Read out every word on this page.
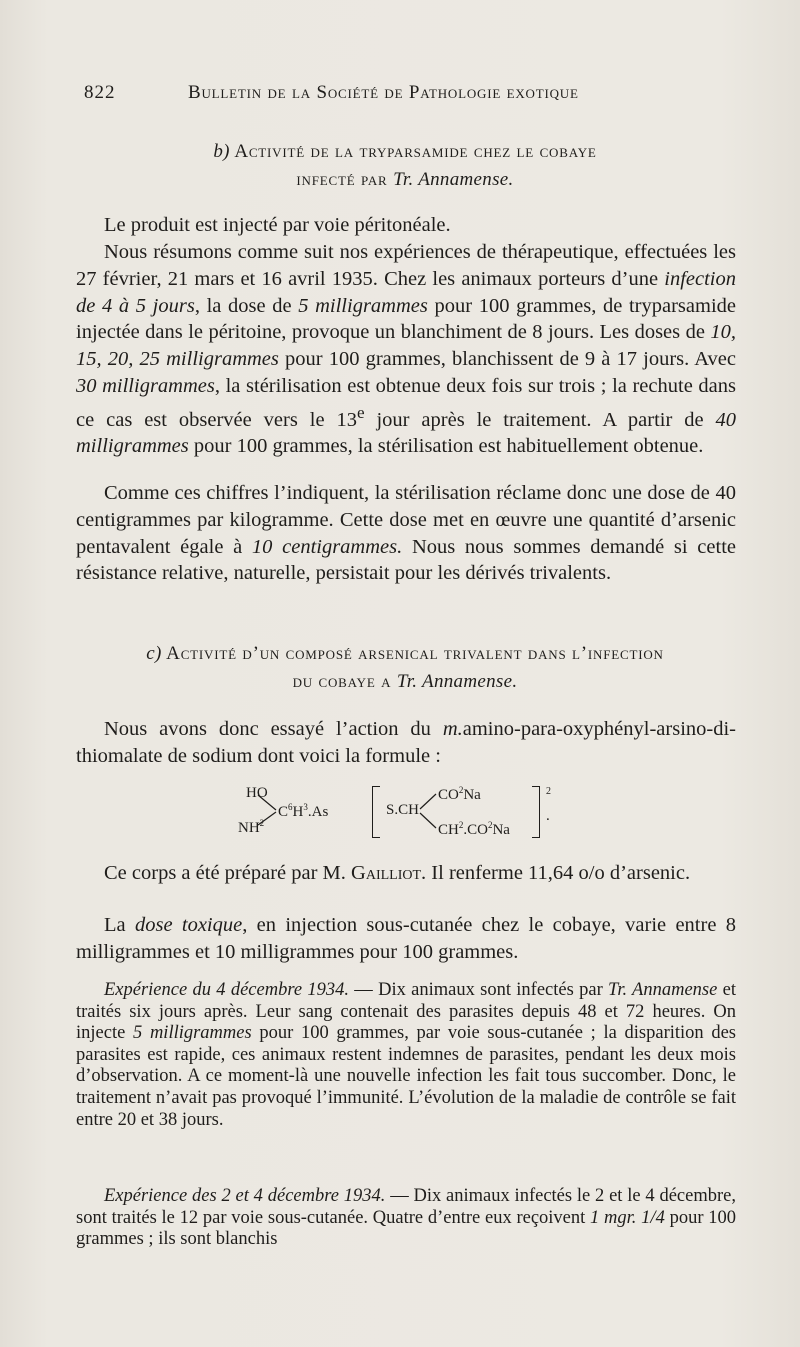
822	Bulletin de la Société de Pathologie exotique
b) Activité de la tryparsamide chez le cobaye
infecté par Tr. Annamense.

Le produit est injecté par voie péritonéale.

Nous résumons comme suit nos expériences de thérapeutique, effectuées les 27 février, 21 mars et 16 avril 1935. Chez les animaux porteurs d’une infection de 4 à 5 jours, la dose de 5 milligrammes pour 100 grammes, de tryparsamide injectée dans le péritoine, provoque un blanchiment de 8 jours. Les doses de 10, 15, 20, 25 milligrammes pour 100 grammes, blanchissent de 9 à 17 jours. Avec 30 milligrammes, la stérilisation est obtenue deux fois sur trois ; la rechute dans ce cas est observée vers le 13e jour après le traitement. A partir de 40 milligrammes pour 100 grammes, la stérilisation est habituellement obtenue.

Comme ces chiffres l’indiquent, la stérilisation réclame donc une dose de 40 centigrammes par kilogramme. Cette dose met en œuvre une quantité d’arsenic pentavalent égale à 10 centigrammes. Nous nous sommes demandé si cette résistance relative, naturelle, persistait pour les dérivés trivalents.

c) Activité d’un composé arsenical trivalent dans l’infection
du cobaye a Tr. Annamense.

Nous avons donc essayé l’action du m.amino-para-oxyphényl-arsino-di-thiomalate de sodium dont voici la formule :

HO
$NH^2$
$C^6H^3.As$	S.CH
$CO^2Na$
$CH^2.CO^2Na$
2
.

Ce corps a été préparé par M. Gailliot. Il renferme 11,64 o/o d’arsenic.

La dose toxique, en injection sous-cutanée chez le cobaye, varie entre 8 milligrammes et 10 milligrammes pour 100 grammes.

Expérience du 4 décembre 1934. — Dix animaux sont infectés par Tr. Annamense et traités six jours après. Leur sang contenait des parasites depuis 48 et 72 heures. On injecte 5 milligrammes pour 100 grammes, par voie sous-cutanée ; la disparition des parasites est rapide, ces animaux restent indemnes de parasites, pendant les deux mois d’observation. A ce moment-là une nouvelle infection les fait tous succomber. Donc, le traitement n’avait pas provoqué l’immunité. L’évolution de la maladie de contrôle se fait entre 20 et 38 jours.

Expérience des 2 et 4 décembre 1934. — Dix animaux infectés le 2 et le 4 décembre, sont traités le 12 par voie sous-cutanée. Quatre d’entre eux reçoivent 1 mgr. 1/4 pour 100 grammes ; ils sont blanchis
